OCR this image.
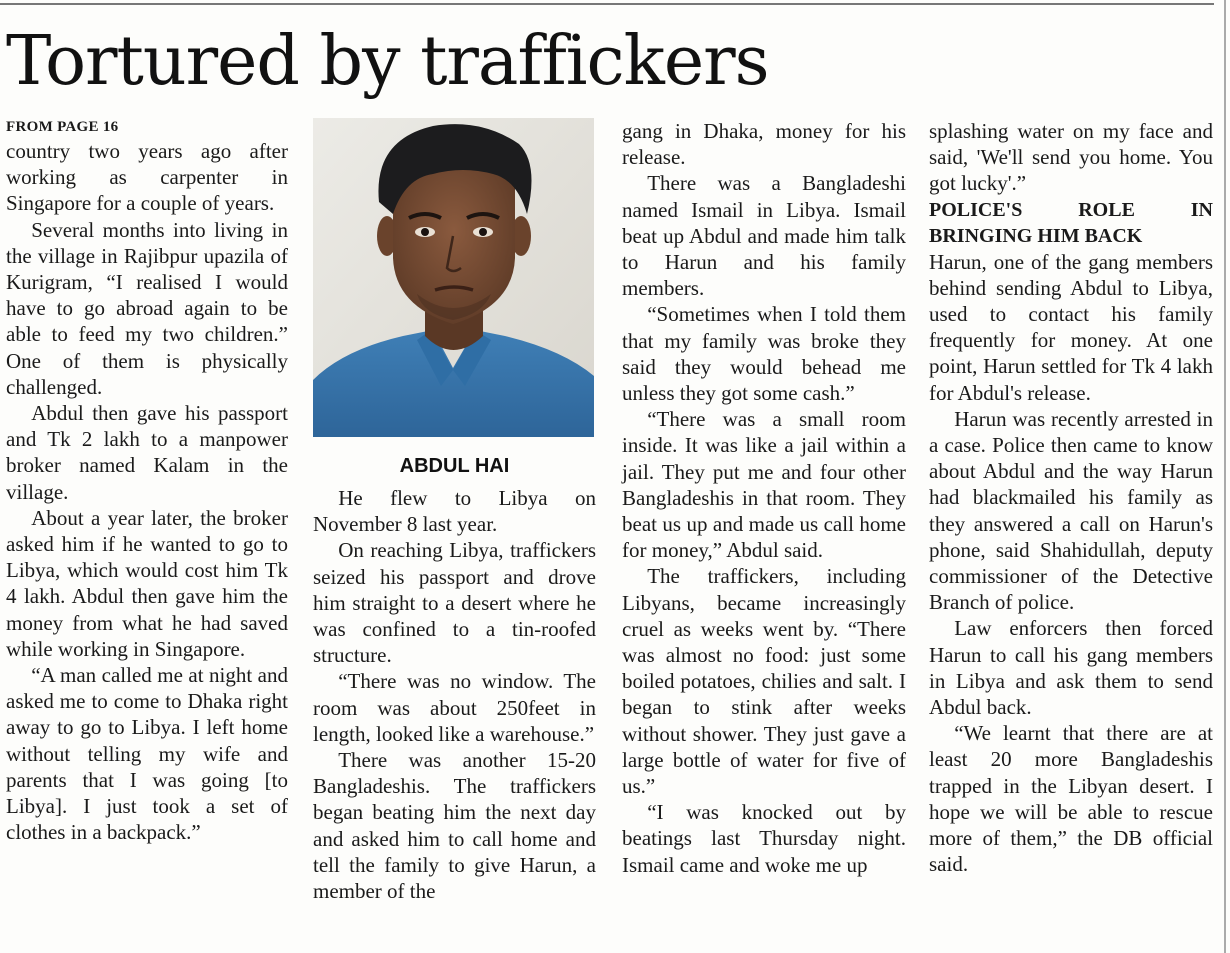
Tortured by traffickers
FROM PAGE 16

country two years ago after working as carpenter in Singapore for a couple of years.

Several months into living in the village in Rajibpur upazila of Kurigram, “I realised I would have to go abroad again to be able to feed my two children.” One of them is physically challenged.

Abdul then gave his passport and Tk 2 lakh to a manpower broker named Kalam in the village.

About a year later, the broker asked him if he wanted to go to Libya, which would cost him Tk 4 lakh. Abdul then gave him the money from what he had saved while working in Singapore.

“A man called me at night and asked me to come to Dhaka right away to go to Libya. I left home without telling my wife and parents that I was going [to Libya]. I just took a set of clothes in a backpack.”

ABDUL HAI

He flew to Libya on November 8 last year.

On reaching Libya, traffickers seized his passport and drove him straight to a desert where he was confined to a tin-roofed structure.

“There was no window. The room was about 250feet in length, looked like a warehouse.”

There was another 15-20 Bangladeshis. The traffickers began beating him the next day and asked him to call home and tell the family to give Harun, a member of the

gang in Dhaka, money for his release.

There was a Bangladeshi named Ismail in Libya. Ismail beat up Abdul and made him talk to Harun and his family members.

“Sometimes when I told them that my family was broke they said they would behead me unless they got some cash.”

“There was a small room inside. It was like a jail within a jail. They put me and four other Bangladeshis in that room. They beat us up and made us call home for money,” Abdul said.

The traffickers, including Libyans, became increasingly cruel as weeks went by. “There was almost no food: just some boiled potatoes, chilies and salt. I began to stink after weeks without shower. They just gave a large bottle of water for five of us.”

“I was knocked out by beatings last Thursday night. Ismail came and woke me up

splashing water on my face and said, 'We'll send you home. You got lucky'.”

POLICE'S ROLE IN BRINGING HIM BACK

Harun, one of the gang members behind sending Abdul to Libya, used to contact his family frequently for money. At one point, Harun settled for Tk 4 lakh for Abdul's release.

Harun was recently arrested in a case. Police then came to know about Abdul and the way Harun had blackmailed his family as they answered a call on Harun's phone, said Shahidullah, deputy commissioner of the Detective Branch of police.

Law enforcers then forced Harun to call his gang members in Libya and ask them to send Abdul back.

“We learnt that there are at least 20 more Bangladeshis trapped in the Libyan desert. I hope we will be able to rescue more of them,” the DB official said.
